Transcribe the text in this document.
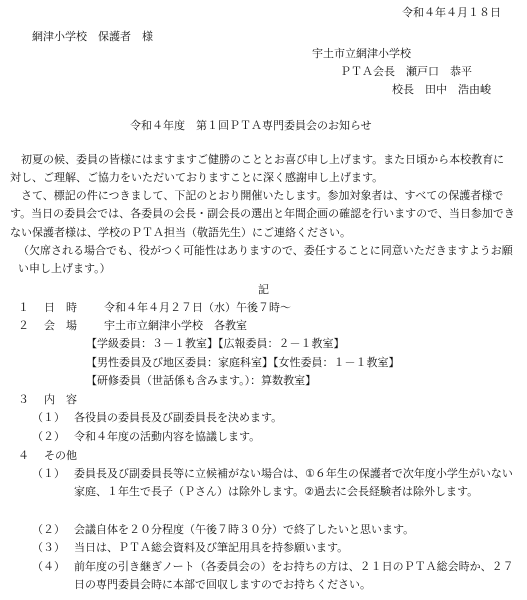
令和４年４月１８日
網津小学校　保護者　様
宇土市立網津小学校
ＰＴＡ会長　瀬戸口　恭平
校長　田中　浩由峻
令和４年度　第１回ＰＴＡ専門委員会のお知らせ

初夏の候、委員の皆様にはますますご健勝のこととお喜び申し上げます。また日頃から本校教育に対し、ご理解、ご協力をいただいておりますことに深く感謝申し上げます。

さて、標記の件につきまして、下記のとおり開催いたします。参加対象者は、すべての保護者様です。当日の委員会では、各委員の会長・副会長の選出と年間企画の確認を行いますので、当日参加できない保護者様は、学校のＰＴＡ担当（敬語先生）にご連絡ください。

（欠席される場合でも、役がつく可能性はありますので、委任することに同意いただきますようお願い申し上げます。）

記
１ 日　時 令和４年４月２７日（水）午後７時～
２ 会　場 宇土市立網津小学校　各教室
【学級委員：３－１教室】【広報委員：２－１教室】
【男性委員及び地区委員：家庭科室】【女性委員：１－１教室】
【研修委員（世話係も含みます。）：算数教室】
３ 内　容
（１） 各役員の委員長及び副委員長を決めます。
（２） 令和４年度の活動内容を協議します。
４ その他
（１） 委員長及び副委員長等に立候補がない場合は、①６年生の保護者で次年度小学生がいない家庭、１年生で長子（Ｐさん）は除外します。②過去に会長経験者は除外します。

（２） 会議自体を２０分程度（午後７時３０分）で終了したいと思います。
（３） 当日は、ＰＴＡ総会資料及び筆記用具を持参願います。
（４） 前年度の引き継ぎノート（各委員会の）をお持ちの方は、２１日のＰＴＡ総会時か、２７日の専門委員会時に本部で回収しますのでお持ちください。
